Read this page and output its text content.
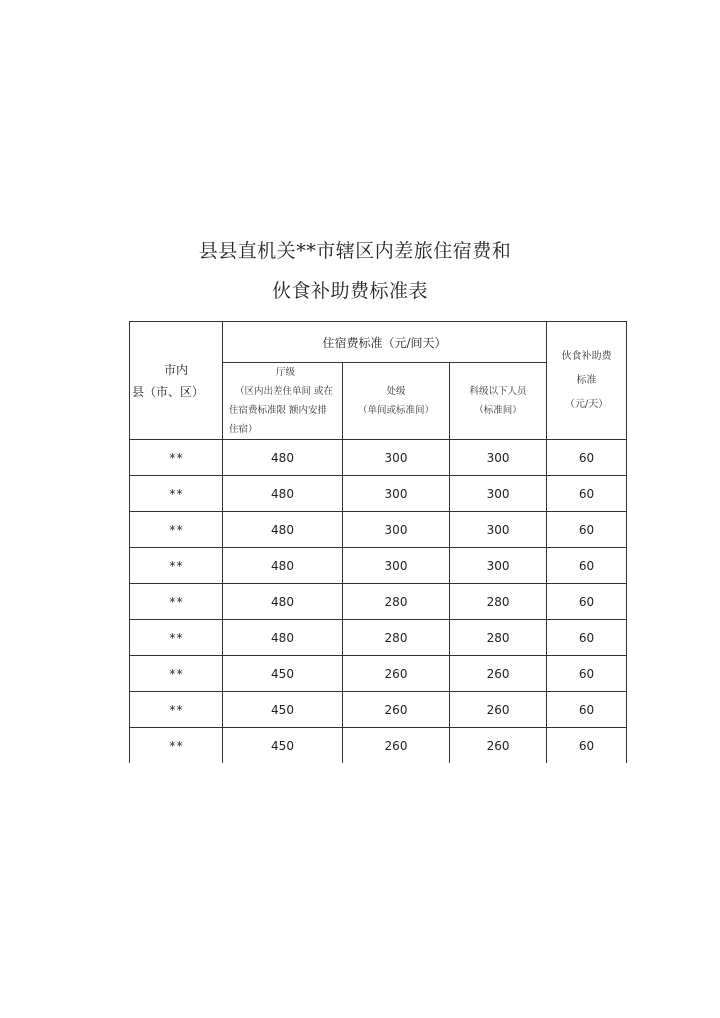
县县直机关**市辖区内差旅住宿费和
伙食补助费标准表
市内
县（市、区）	住宿费标准（元/间天）			伙食补助费
标准
（元/天）

	厅级
（区内出差住单间 或在
住宿费标准限 额内安排
住宿）	处级
（单间或标准间）	科级以下人员
（标准间）	

**	480	300	300	60
**	480	300	300	60
**	480	300	300	60
**	480	300	300	60
**	480	280	280	60
**	480	280	280	60
**	450	260	260	60
**	450	260	260	60
**	450	260	260	60
